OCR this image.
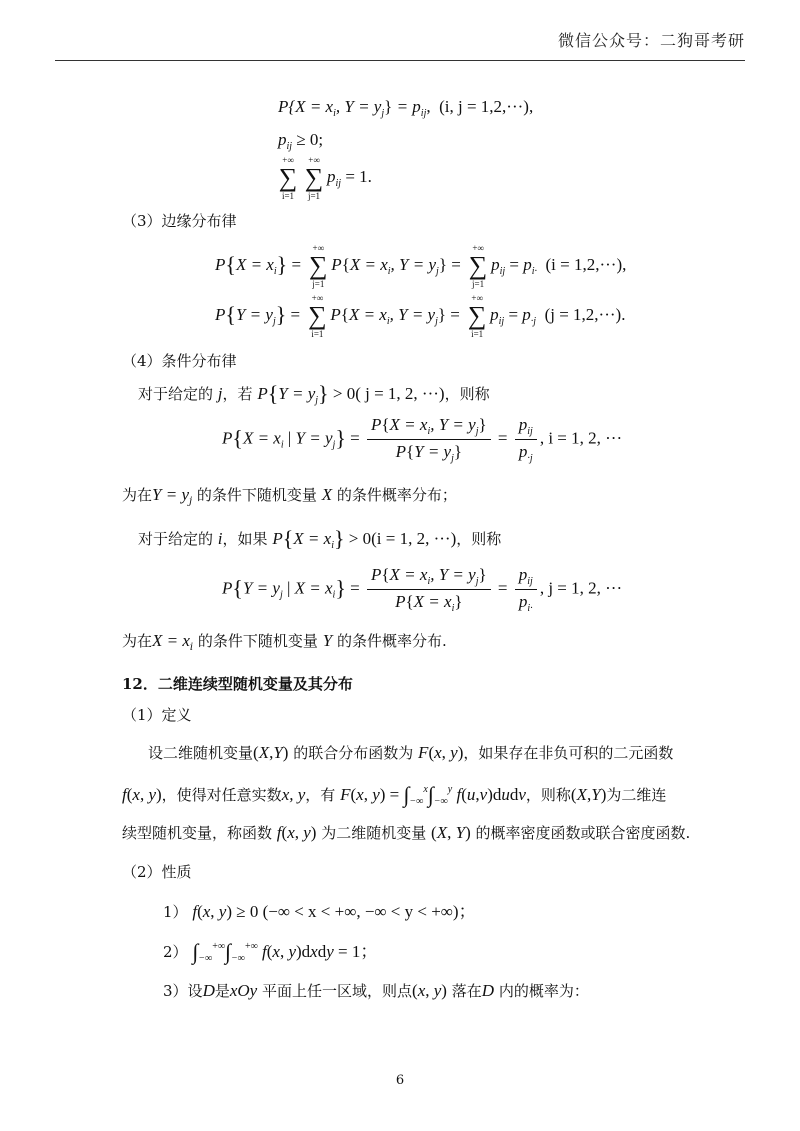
微信公众号：二狗哥考研
$P\{X = x_i$, $Y = y_j\} = p_{ij}$,  (i, j = 1,2,···),
$p_{ij} \ge 0$;
+∞
∑
i=1
+∞
∑
j=1
$p_{ij} = 1$.
（3）边缘分布律
$P\{X = x_i\}$ =
+∞
∑
j=1
$P\{X = x_i$, $Y = y_j$} =
+∞
∑
j=1
$p_{ij} = p_{i\cdot}$ (i = 1,2,···),
$P\{Y = y_j\}$ =
+∞
∑
i=1
$P\{X = x_i$, $Y = y_j$} =
+∞
∑
i=1
$p_{ij} = p_{\cdot j}$ (j = 1,2,···).
（4）条件分布律
对于给定的 j，若 $P\{Y = y_j\} > 0$( j = 1, 2, ···)，则称
$P\{X = x_i$ | $Y = y_j\} = \frac{P\{X = x_i, Y = y_j\}}{P\{Y = y_j\}} = \frac{p_{ij}}{p_{\cdot j}}$ , i = 1, 2, ···
为在$Y = y_j$ 的条件下随机变量 X 的条件概率分布；
对于给定的 i，如果 $P\{X = x_i\} > 0(i = 1$, 2, ···)，则称
$P\{Y = y_j$ | $X = x_i\} = \frac{P\{X = x_i, Y = y_j\}}{P\{X = x_i\}} = \frac{p_{ij}}{p_{i\cdot}}$ , j = 1, 2, ···
为在$X = x_i$ 的条件下随机变量 Y 的条件概率分布.
12．二维连续型随机变量及其分布
（1）定义
设二维随机变量(X,Y) 的联合分布函数为 F(x, y)，如果存在非负可积的二元函数
f(x, y)，使得对任意实数x, y，有 F(x, $y) = \int_{-\infty}^x\int_{-\infty}^y$ f(u,v)dudv，则称(X,Y)为二维连
续型随机变量，称函数 f(x, y) 为二维随机变量 (X, Y) 的概率密度函数或联合密度函数.
（2）性质
1） f(x, y) ≥ 0 (−∞ < x < +∞, −∞ < y < +∞)；
2） $\int_{-\infty}^{+\infty}\int_{-\infty}^{+\infty}$ f(x, y)dxdy = 1；
3）设D是xOy 平面上任一区域，则点(x, y) 落在D 内的概率为：
6
